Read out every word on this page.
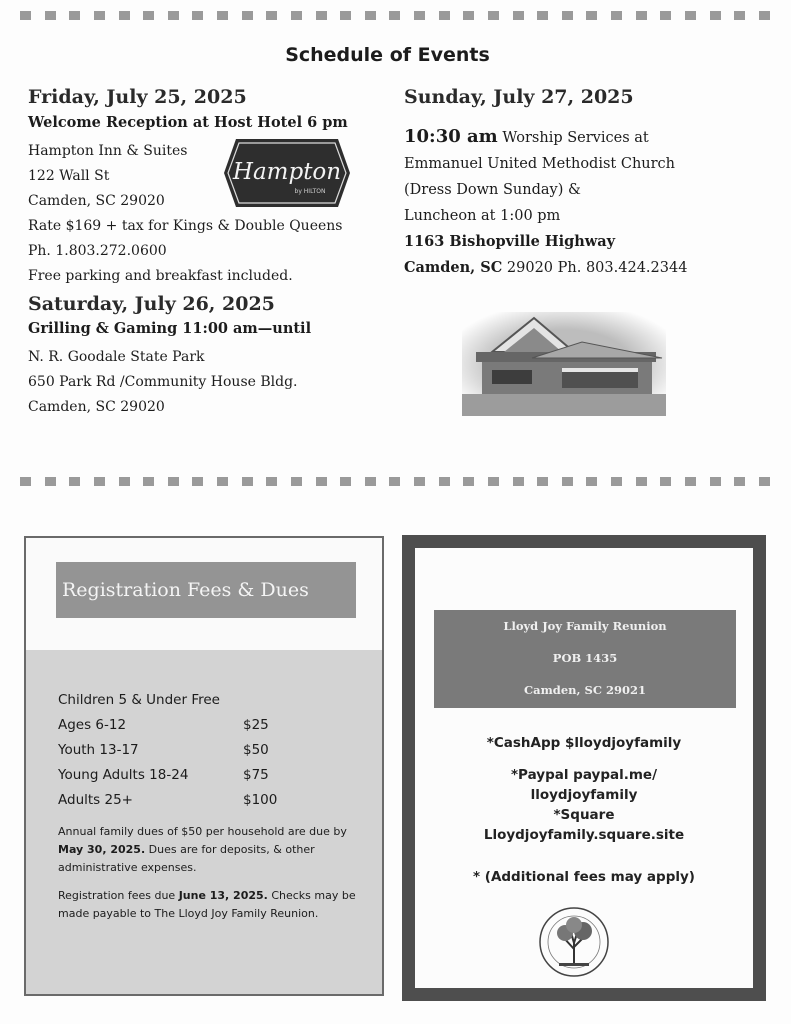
Schedule of Events

Friday, July 25, 2025

Welcome Reception at Host Hotel 6 pm

Hampton Inn & Suites

122 Wall St

Camden, SC 29020

Rate $169 + tax for Kings & Double Queens

Ph. 1.803.272.0600

Free parking and breakfast included.

Saturday, July 26, 2025

Grilling & Gaming 11:00 am—until

N. R. Goodale State Park

650 Park Rd /Community House Bldg.

Camden, SC 29020

Hampton
by HILTON

Sunday, July 27, 2025

10:30 am Worship Services at

Emmanuel United Methodist Church

(Dress Down Sunday) &

Luncheon at 1:00 pm

1163 Bishopville Highway

Camden, SC 29020 Ph. 803.424.2344

Registration Fees & Dues
Children 5 & Under Free
Ages 6-12	$25
Youth 13-17	$50
Young Adults 18-24	$75
Adults 25+	$100

Annual family dues of $50 per household are due by May 30, 2025. Dues are for deposits, & other administrative expenses.

Registration fees due June 13, 2025. Checks may be made payable to The Lloyd Joy Family Reunion.

Lloyd Joy Family Reunion
POB 1435
Camden, SC 29021

*CashApp $lloydjoyfamily

*Paypal paypal.me/

lloydjoyfamily

*Square

Lloydjoyfamily.square.site

* (Additional fees may apply)
